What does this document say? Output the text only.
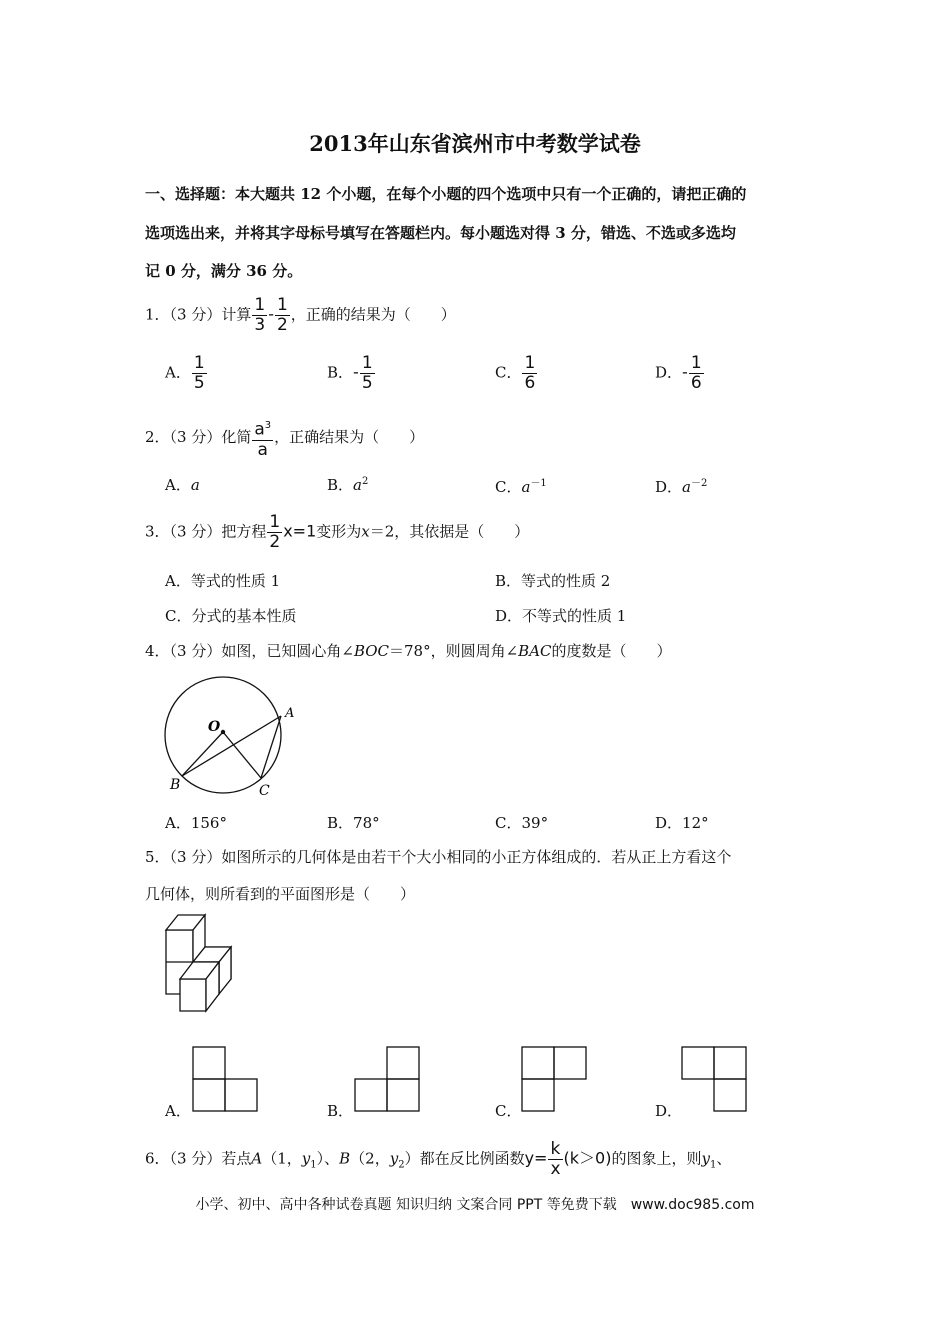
2013年山东省滨州市中考数学试卷
一、选择题：本大题共 12 个小题，在每个小题的四个选项中只有一个正确的，请把正确的
选项选出来，并将其字母标号填写在答题栏内。每小题选对得 3 分，错选、不选或多选均
记 0 分，满分 36 分。
1．（3 分）计算 $\frac{1}{3} - \frac{1}{2}$ ，正确的结果为（　　）
A． $\frac{1}{5}$	B．- $\frac{1}{5}$	C． $\frac{1}{6}$	D．- $\frac{1}{6}$
2．（3 分）化简 $\frac{a^3}{a}$ ，正确结果为（　　）
A．a	B．$a^2$	C．$a^{-1}$	D．$a^{-2}$
3．（3 分）把方程 $\frac{1}{2} x=1$变形为x＝2，其依据是（　　）
A．等式的性质 1	B．等式的性质 2
C．分式的基本性质	D．不等式的性质 1
4．（3 分）如图，已知圆心角∠BOC＝78°，则圆周角∠BAC的度数是（　　）
O
A
B	C
A．156°	B．78°	C．39°	D．12°
5．（3 分）如图所示的几何体是由若干个大小相同的小正方体组成的．若从正上方看这个
几何体，则所看到的平面图形是（　　）
A．	B．	C．	D．
6．（3 分）若点A（1，$y_1$）、B（2，$y_2$）都在反比例函数$y= \frac{k}{x} (k>0)$的图象上，则$y_1$、
小学、初中、高中各种试卷真题 知识归纳 文案合同 PPT 等免费下载　www.doc985.com
